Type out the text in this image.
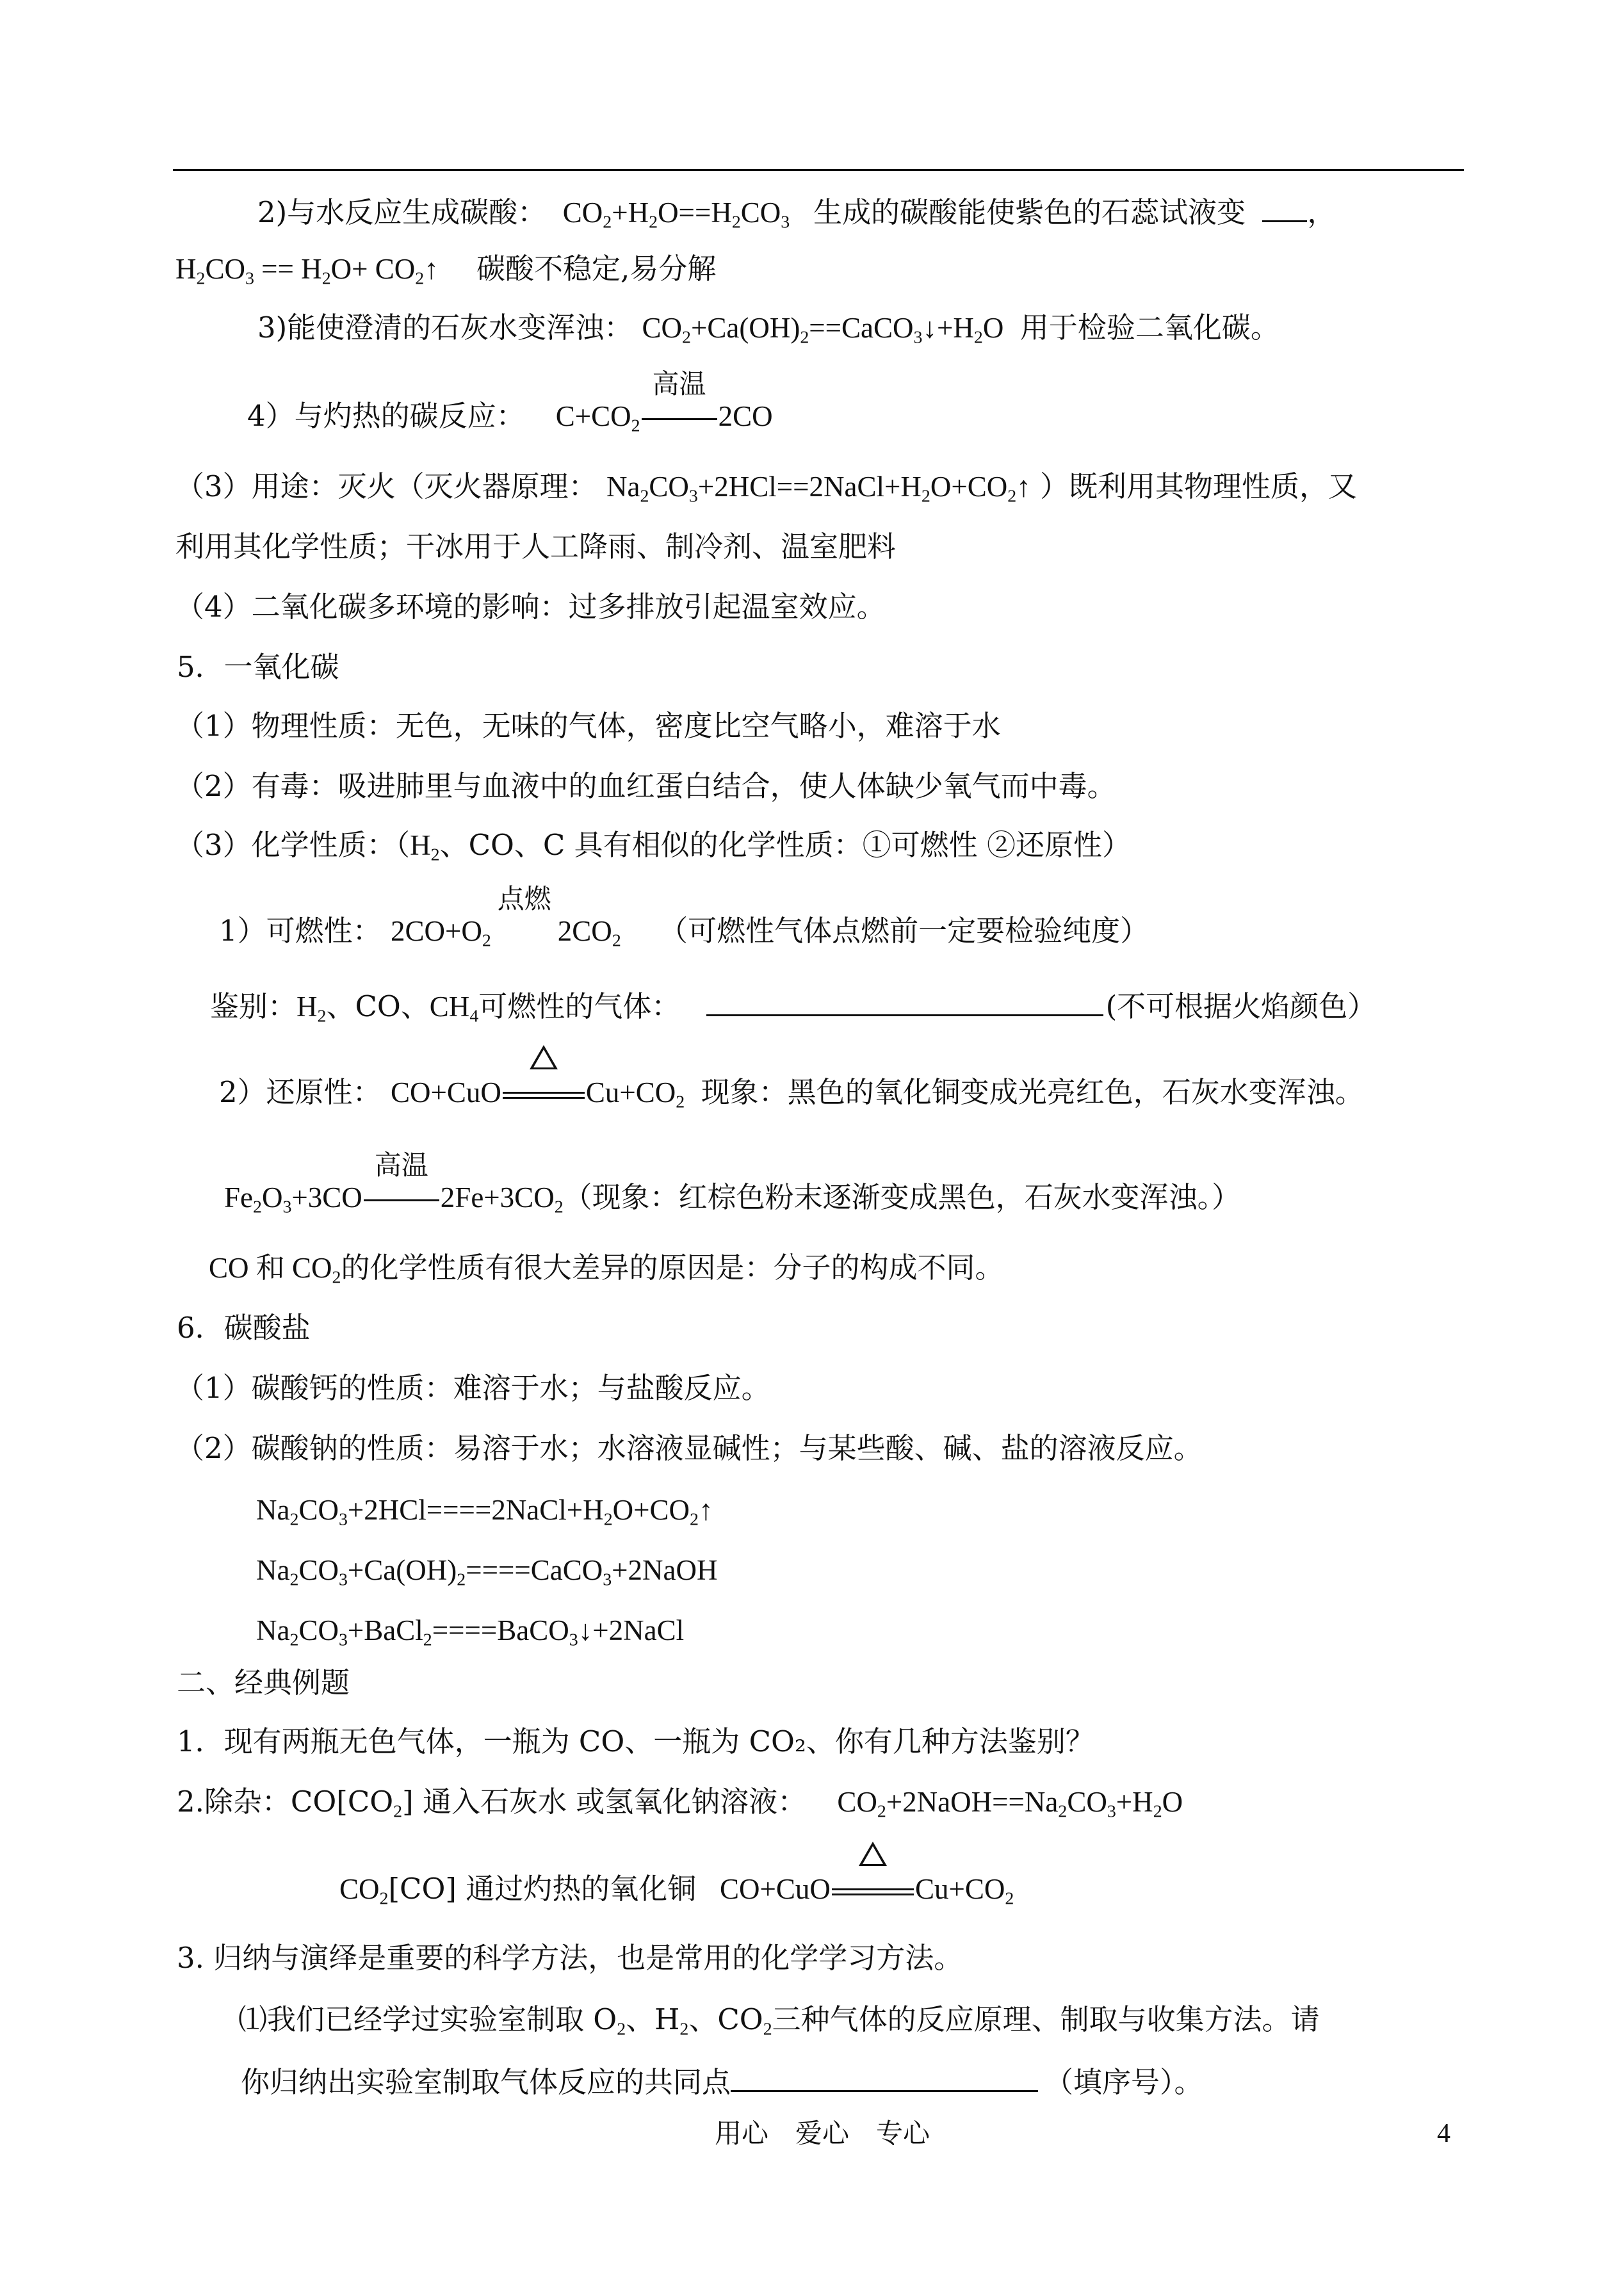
2)与水反应生成碳酸：  $CO_2+H_2O==H_2CO_3$ 生成的碳酸能使紫色的石蕊试液变 ，
$H_2CO_3 == H_2O+$ $CO_2↑$     碳酸不稳定,易分解
3)能使澄清的石灰水变浑浊： $CO_2+Ca(OH)_2==CaCO_3↓+H_2O$  用于检验二氧化碳。
4）与灼热的碳反应：    $C+CO_2$
高温
2CO
（3）用途：灭火（灭火器原理： $Na_2CO_3+2HCl==2NaCl+H_2O+CO_2↑$ ）既利用其物理性质，又
利用其化学性质；干冰用于人工降雨、制冷剂、温室肥料
（4）二氧化碳多环境的影响：过多排放引起温室效应。
5．一氧化碳
（1）物理性质：无色，无味的气体，密度比空气略小，难溶于水
（2）有毒：吸进肺里与血液中的血红蛋白结合，使人体缺少氧气而中毒。
（3）化学性质：（$H_2$、CO、C 具有相似的化学性质：①可燃性 ②还原性）
1）可燃性： $2CO+O_2$
点燃
$2CO_2$ （可燃性气体点燃前一定要检验纯度）
鉴别：$H_2$、CO、$CH_4$可燃性的气体：	(不可根据火焰颜色）
2）还原性： CO+CuO	$Cu+CO_2$ 现象：黑色的氧化铜变成光亮红色，石灰水变浑浊。
$Fe_2O_3+3CO$
高温
$2Fe+3CO_2$（现象：红棕色粉末逐渐变成黑色，石灰水变浑浊。）
CO 和 $CO_2$的化学性质有很大差异的原因是：分子的构成不同。
6．碳酸盐
（1）碳酸钙的性质：难溶于水；与盐酸反应。
（2）碳酸钠的性质：易溶于水；水溶液显碱性；与某些酸、碱、盐的溶液反应。
$Na_2CO_3+2HCl====2NaCl+H_2O+CO_2↑$
$Na_2CO_3+Ca(OH)_2====CaCO_3+2NaOH$
$Na_2CO_3+BaCl_2====BaCO_3↓+2NaCl$
二、经典例题
1．现有两瓶无色气体，一瓶为 CO、一瓶为 CO₂、你有几种方法鉴别？
2.除杂：$CO[CO_2]$ 通入石灰水 或氢氧化钠溶液：    $CO_2+2NaOH==Na_2CO_3+H_2O$
$CO_2[CO]$ 通过灼热的氧化铜   CO+CuO	$Cu+CO_2$
3. 归纳与演绎是重要的科学方法，也是常用的化学学习方法。
⑴我们已经学过实验室制取 $O_2$、$H_2$、$CO_2$三种气体的反应原理、制取与收集方法。请
你归纳出实验室制取气体反应的共同点	（填序号）。
用心　爱心　专心	4
